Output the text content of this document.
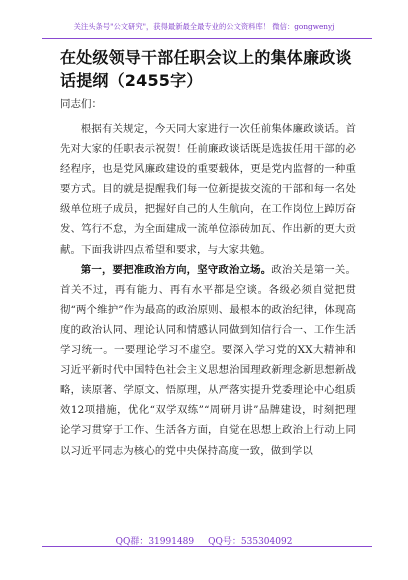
关注头条号"公文研究"，获得最新最全最专业的公文资料库！ 微信：gongwenyj
在处级领导干部任职会议上的集体廉政谈话提纲（2455字）
同志们：

根据有关规定，今天同大家进行一次任前集体廉政谈话。首先对大家的任职表示祝贺！任前廉政谈话既是选拔任用干部的必经程序，也是党风廉政建设的重要载体，更是党内监督的一种重要方式。目的就是提醒我们每一位新提拔交流的干部和每一名处级单位班子成员，把握好自己的人生航向，在工作岗位上踔厉奋发、笃行不怠，为全面建成一流单位添砖加瓦、作出新的更大贡献。下面我讲四点希望和要求，与大家共勉。

第一，要把准政治方向，坚守政治立场。政治关是第一关。首关不过，再有能力、再有水平都是空谈。各级必须自觉把贯彻“两个维护”作为最高的政治原则、最根本的政治纪律，体现高度的政治认同、理论认同和情感认同做到知信行合一、工作生活学习统一。一要理论学习不虚空。要深入学习党的XX大精神和习近平新时代中国特色社会主义思想治国理政新理念新思想新战略，读原著、学原文、悟原理，从严落实提升党委理论中心组质效12项措施，优化“双学双练”“周研月讲”品牌建设，时刻把理论学习贯穿于工作、生活各方面，自觉在思想上政治上行动上同以习近平同志为核心的党中央保持高度一致，做到学以

QQ群：31991489 QQ号：535304092
